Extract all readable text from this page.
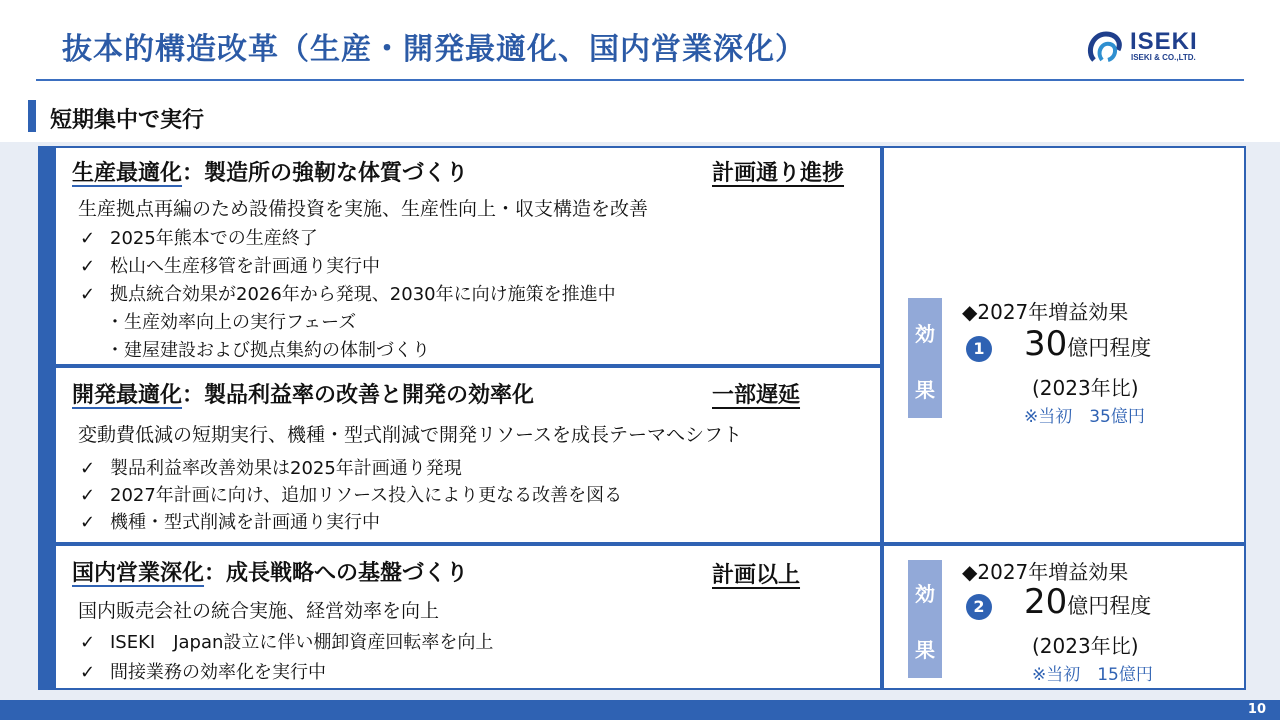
抜本的構造改革（生産・開発最適化、国内営業深化）	ISEKI
ISEKI & CO.,LTD.
短期集中で実行
生産最適化：製造所の強靭な体質づくり	計画通り進捗
生産拠点再編のため設備投資を実施、生産性向上・収支構造を改善
✓ 2025年熊本での生産終了
✓ 松山へ生産移管を計画通り実行中
✓ 拠点統合効果が2026年から発現、2030年に向け施策を推進中
・生産効率向上の実行フェーズ
・建屋建設および拠点集約の体制づくり
開発最適化：製品利益率の改善と開発の効率化	一部遅延
変動費低減の短期実行、機種・型式削減で開発リソースを成長テーマへシフト
✓ 製品利益率改善効果は2025年計画通り発現
✓ 2027年計画に向け、追加リソース投入により更なる改善を図る
✓ 機種・型式削減を計画通り実行中
国内営業深化：成長戦略への基盤づくり	計画以上
国内販売会社の統合実施、経営効率を向上
✓ ISEKI　Japan設立に伴い棚卸資産回転率を向上
✓ 間接業務の効率化を実行中
効
果
◆2027年増益効果
1 30億円程度
(2023年比)
※当初　35億円
効
果
◆2027年増益効果
2 20億円程度
(2023年比)
※当初　15億円
10
